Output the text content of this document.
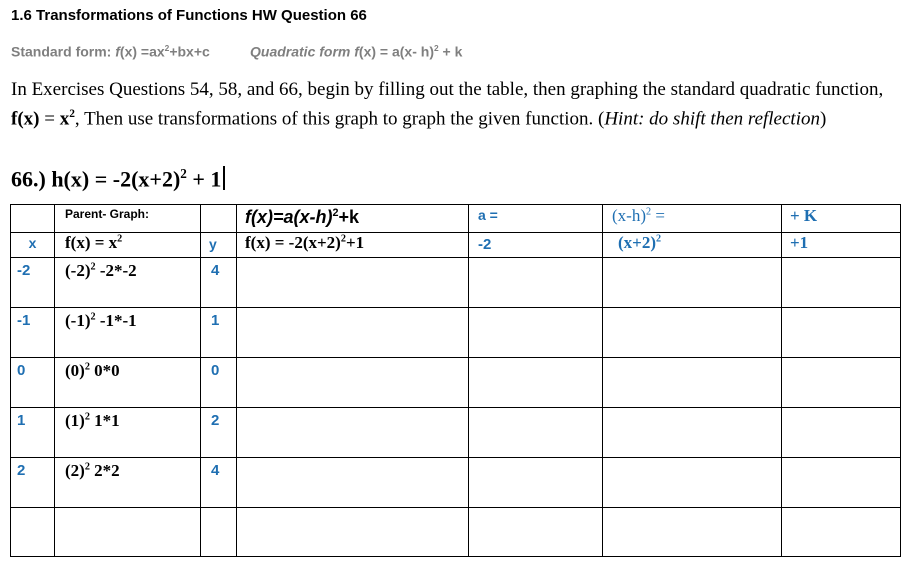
1.6 Transformations of Functions HW Question 66
Standard form: $f(x) =ax^2+bx+c$	Quadratic form f(x) = a(x- h)$^2$ + k
In Exercises Questions 54, 58, and 66, begin by filling out the table, then graphing the standard quadratic function, $f(x) = x^2$, Then use transformations of this graph to graph the given function. (Hint: do shift then reflection)
66.) $h(x) = -2(x+2)^2 + 1$

	Parent- Graph:		$f(x)=a(x-h)^2+k$	a =	$(x-h)^2$ =	+ K

x	$f(x) = x^2$	y	$f(x) = -2(x+2)^2+1$	-2	$(x+2)^2$	+1

-2	$(-2)^2$ -2*-2	4				

-1	$(-1)^2$ -1*-1	1				

0	$(0)^2$ 0*0	0				

1	$(1)^2$ 1*1	2				

2	$(2)^2$ 2*2	4				
